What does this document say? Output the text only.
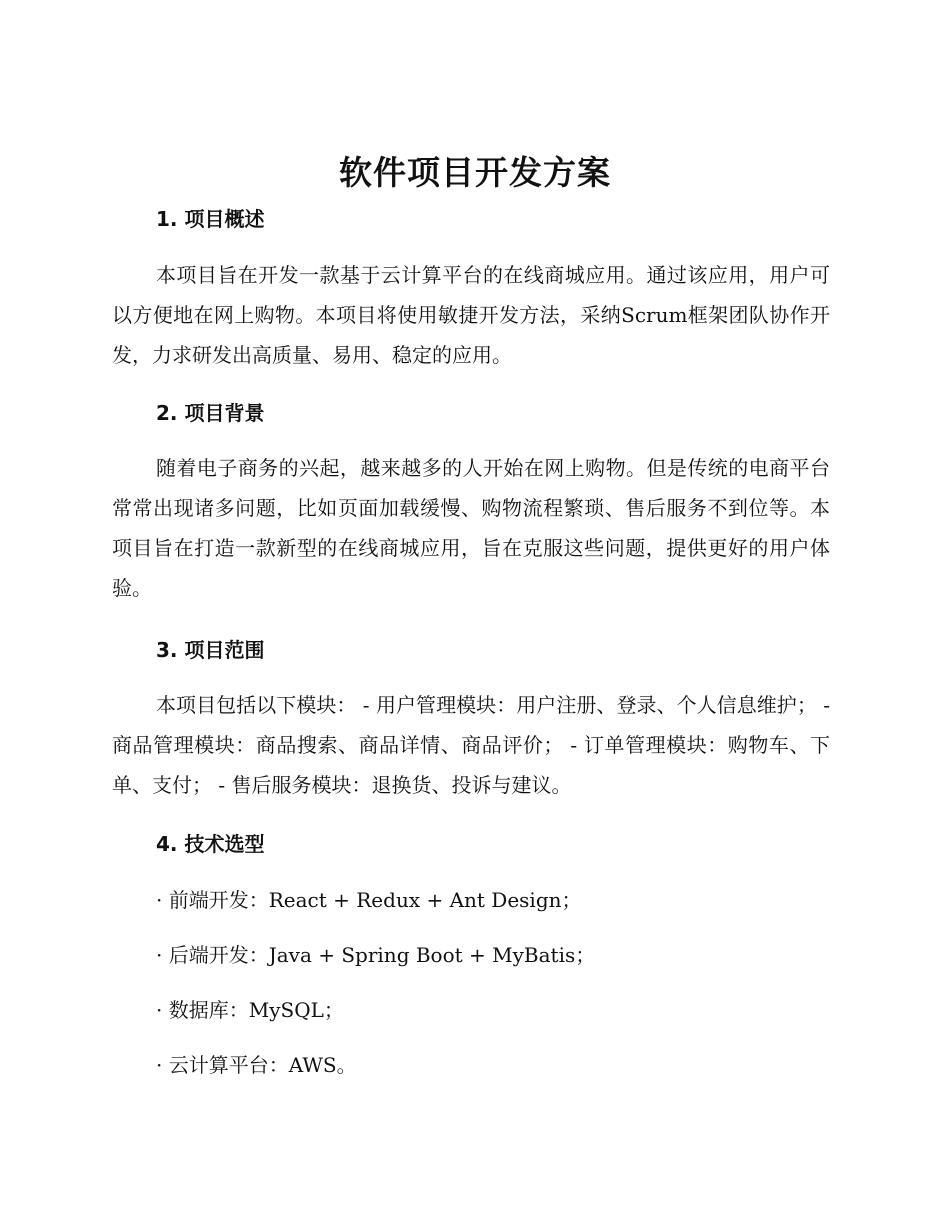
软件项目开发方案
1. 项目概述

本项目旨在开发一款基于云计算平台的在线商城应用。通过该应用，用户可以方便地在网上购物。本项目将使用敏捷开发方法，采纳Scrum框架团队协作开发，力求研发出高质量、易用、稳定的应用。

2. 项目背景

随着电子商务的兴起，越来越多的人开始在网上购物。但是传统的电商平台常常出现诸多问题，比如页面加载缓慢、购物流程繁琐、售后服务不到位等。本项目旨在打造一款新型的在线商城应用，旨在克服这些问题，提供更好的用户体验。

3. 项目范围

本项目包括以下模块： - 用户管理模块：用户注册、登录、个人信息维护； - 商品管理模块：商品搜索、商品详情、商品评价； - 订单管理模块：购物车、下单、支付； - 售后服务模块：退换货、投诉与建议。

4. 技术选型

· 前端开发：React + Redux + Ant Design；

· 后端开发：Java + Spring Boot + MyBatis；

· 数据库：MySQL；

· 云计算平台：AWS。
